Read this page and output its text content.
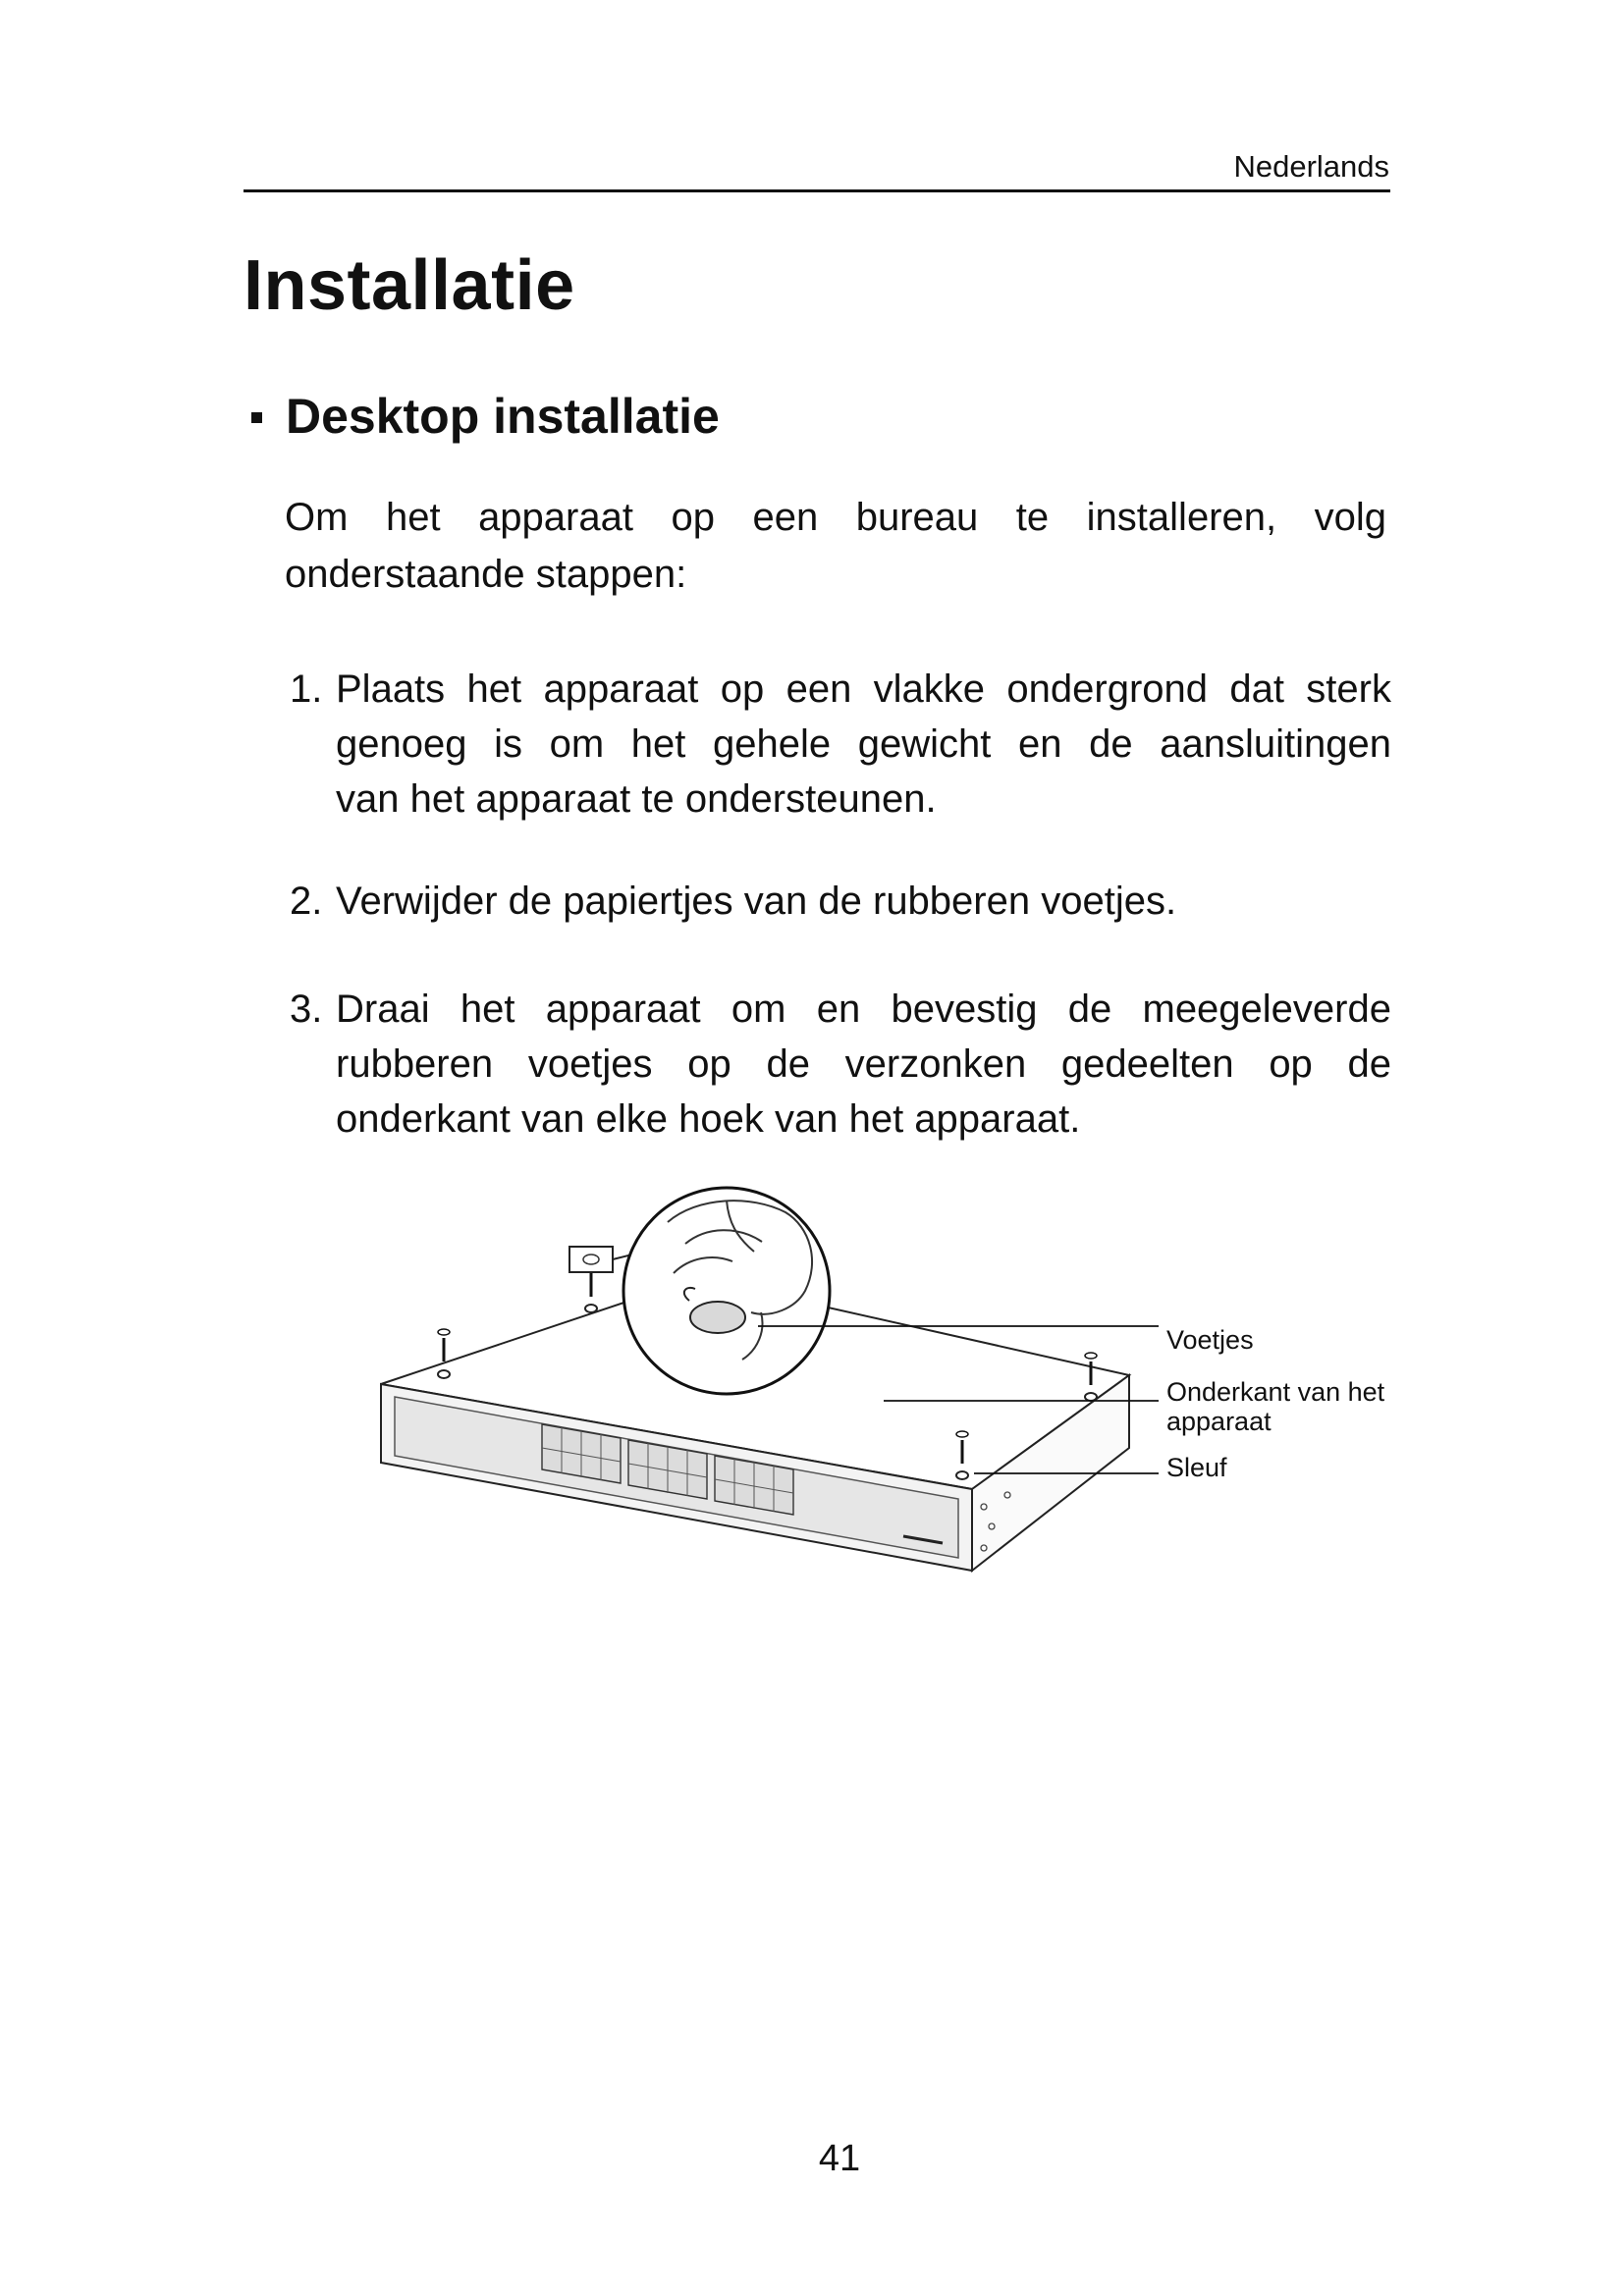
Nederlands
Installatie
Desktop installatie

Om het apparaat op een bureau te installeren, volg
onderstaande stappen:

1. Plaats het apparaat op een vlakke ondergrond dat sterk
genoeg is om het gehele gewicht en de aansluitingen
van het apparaat te ondersteunen.
2. Verwijder de papiertjes van de rubberen voetjes.
3. Draai het apparaat om en bevestig de meegeleverde
rubberen voetjes op de verzonken gedeelten op de
onderkant van elke hoek van het apparaat.
Voetjes
Onderkant van het apparaat
Sleuf
41
